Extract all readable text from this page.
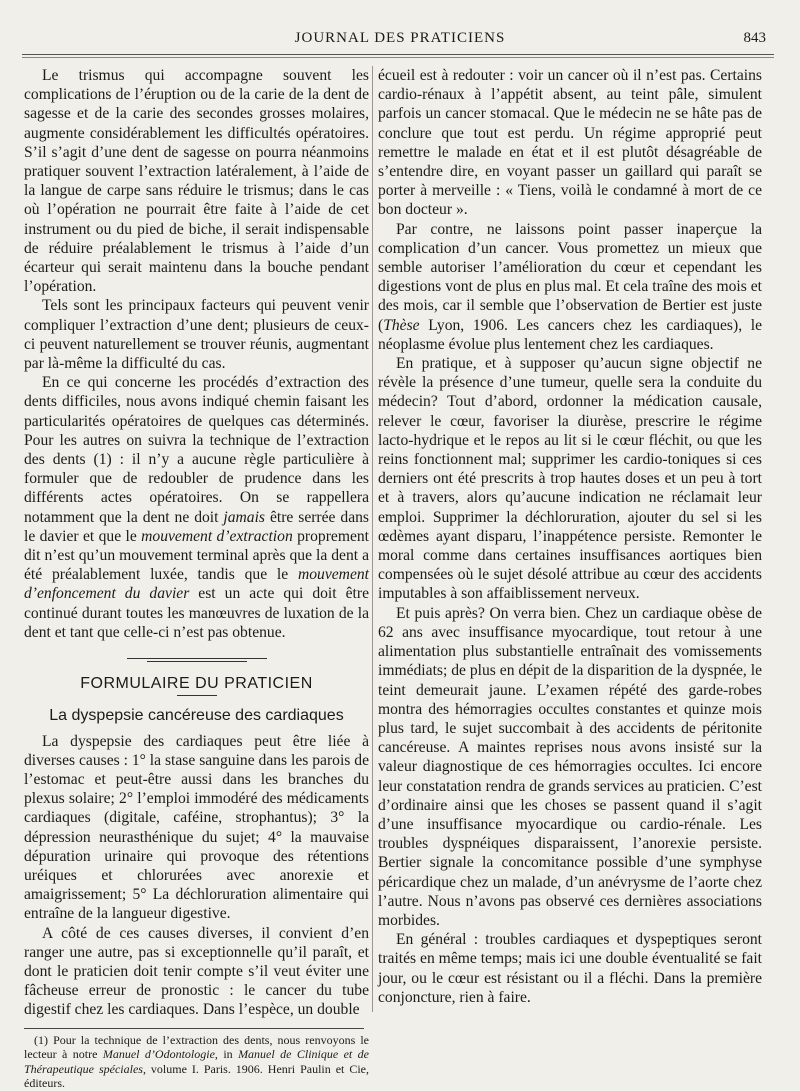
JOURNAL DES PRATICIENS	843

Le trismus qui accompagne souvent les complications de l’éruption ou de la carie de la dent de sagesse et de la carie des secondes grosses molaires, augmente considérablement les difficultés opératoires. S’il s’agit d’une dent de sagesse on pourra néanmoins pratiquer souvent l’extraction latéralement, à l’aide de la langue de carpe sans réduire le trismus; dans le cas où l’opération ne pourrait être faite à l’aide de cet instrument ou du pied de biche, il serait indispensable de réduire préalablement le trismus à l’aide d’un écarteur qui serait maintenu dans la bouche pendant l’opération.

Tels sont les principaux facteurs qui peuvent venir compliquer l’extraction d’une dent; plusieurs de ceux-ci peuvent naturellement se trouver réunis, augmentant par là-même la difficulté du cas.

En ce qui concerne les procédés d’extraction des dents difficiles, nous avons indiqué chemin faisant les particularités opératoires de quelques cas déterminés. Pour les autres on suivra la technique de l’extraction des dents (1) : il n’y a aucune règle particulière à formuler que de redoubler de prudence dans les différents actes opératoires. On se rappellera notamment que la dent ne doit jamais être serrée dans le davier et que le mouvement d’extraction proprement dit n’est qu’un mouvement terminal après que la dent a été préalablement luxée, tandis que le mouvement d’enfoncement du davier est un acte qui doit être continué durant toutes les manœuvres de luxation de la dent et tant que celle-ci n’est pas obtenue.

FORMULAIRE DU PRATICIEN
La dyspepsie cancéreuse des cardiaques

La dyspepsie des cardiaques peut être liée à diverses causes : 1° la stase sanguine dans les parois de l’estomac et peut-être aussi dans les branches du plexus solaire; 2° l’emploi immodéré des médicaments cardiaques (digitale, caféine, strophantus); 3° la dépression neurasthénique du sujet; 4° la mauvaise dépuration urinaire qui provoque des rétentions uréiques et chlorurées avec anorexie et amaigrissement; 5° La déchloruration alimentaire qui entraîne de la langueur digestive.

A côté de ces causes diverses, il convient d’en ranger une autre, pas si exceptionnelle qu’il paraît, et dont le praticien doit tenir compte s’il veut éviter une fâcheuse erreur de pronostic : le cancer du tube digestif chez les cardiaques. Dans l’espèce, un double

(1) Pour la technique de l’extraction des dents, nous renvoyons le lecteur à notre Manuel d’Odontologie, in Manuel de Clinique et de Thérapeutique spéciales, volume I. Paris. 1906. Henri Paulin et Cie, éditeurs.

écueil est à redouter : voir un cancer où il n’est pas. Certains cardio-rénaux à l’appétit absent, au teint pâle, simulent parfois un cancer stomacal. Que le médecin ne se hâte pas de conclure que tout est perdu. Un régime approprié peut remettre le malade en état et il est plutôt désagréable de s’entendre dire, en voyant passer un gaillard qui paraît se porter à merveille : « Tiens, voilà le condamné à mort de ce bon docteur ».

Par contre, ne laissons point passer inaperçue la complication d’un cancer. Vous promettez un mieux que semble autoriser l’amélioration du cœur et cependant les digestions vont de plus en plus mal. Et cela traîne des mois et des mois, car il semble que l’observation de Bertier est juste (Thèse Lyon, 1906. Les cancers chez les cardiaques), le néoplasme évolue plus lentement chez les cardiaques.

En pratique, et à supposer qu’aucun signe objectif ne révèle la présence d’une tumeur, quelle sera la conduite du médecin? Tout d’abord, ordonner la médication causale, relever le cœur, favoriser la diurèse, prescrire le régime lacto-hydrique et le repos au lit si le cœur fléchit, ou que les reins fonctionnent mal; supprimer les cardio-toniques si ces derniers ont été prescrits à trop hautes doses et un peu à tort et à travers, alors qu’aucune indication ne réclamait leur emploi. Supprimer la déchloruration, ajouter du sel si les œdèmes ayant disparu, l’inappétence persiste. Remonter le moral comme dans certaines insuffisances aortiques bien compensées où le sujet désolé attribue au cœur des accidents imputables à son affaiblissement nerveux.

Et puis après? On verra bien. Chez un cardiaque obèse de 62 ans avec insuffisance myocardique, tout retour à une alimentation plus substantielle entraînait des vomissements immédiats; de plus en dépit de la disparition de la dyspnée, le teint demeurait jaune. L’examen répété des garde-robes montra des hémorragies occultes constantes et quinze mois plus tard, le sujet succombait à des accidents de péritonite cancéreuse. A maintes reprises nous avons insisté sur la valeur diagnostique de ces hémorragies occultes. Ici encore leur constatation rendra de grands services au praticien. C’est d’ordinaire ainsi que les choses se passent quand il s’agit d’une insuffisance myocardique ou cardio-rénale. Les troubles dyspnéiques disparaissent, l’anorexie persiste. Bertier signale la concomitance possible d’une symphyse péricardique chez un malade, d’un anévrysme de l’aorte chez l’autre. Nous n’avons pas observé ces dernières associations morbides.

En général : troubles cardiaques et dyspeptiques seront traités en même temps; mais ici une double éventualité se fait jour, ou le cœur est résistant ou il a fléchi. Dans la première conjoncture, rien à faire.
